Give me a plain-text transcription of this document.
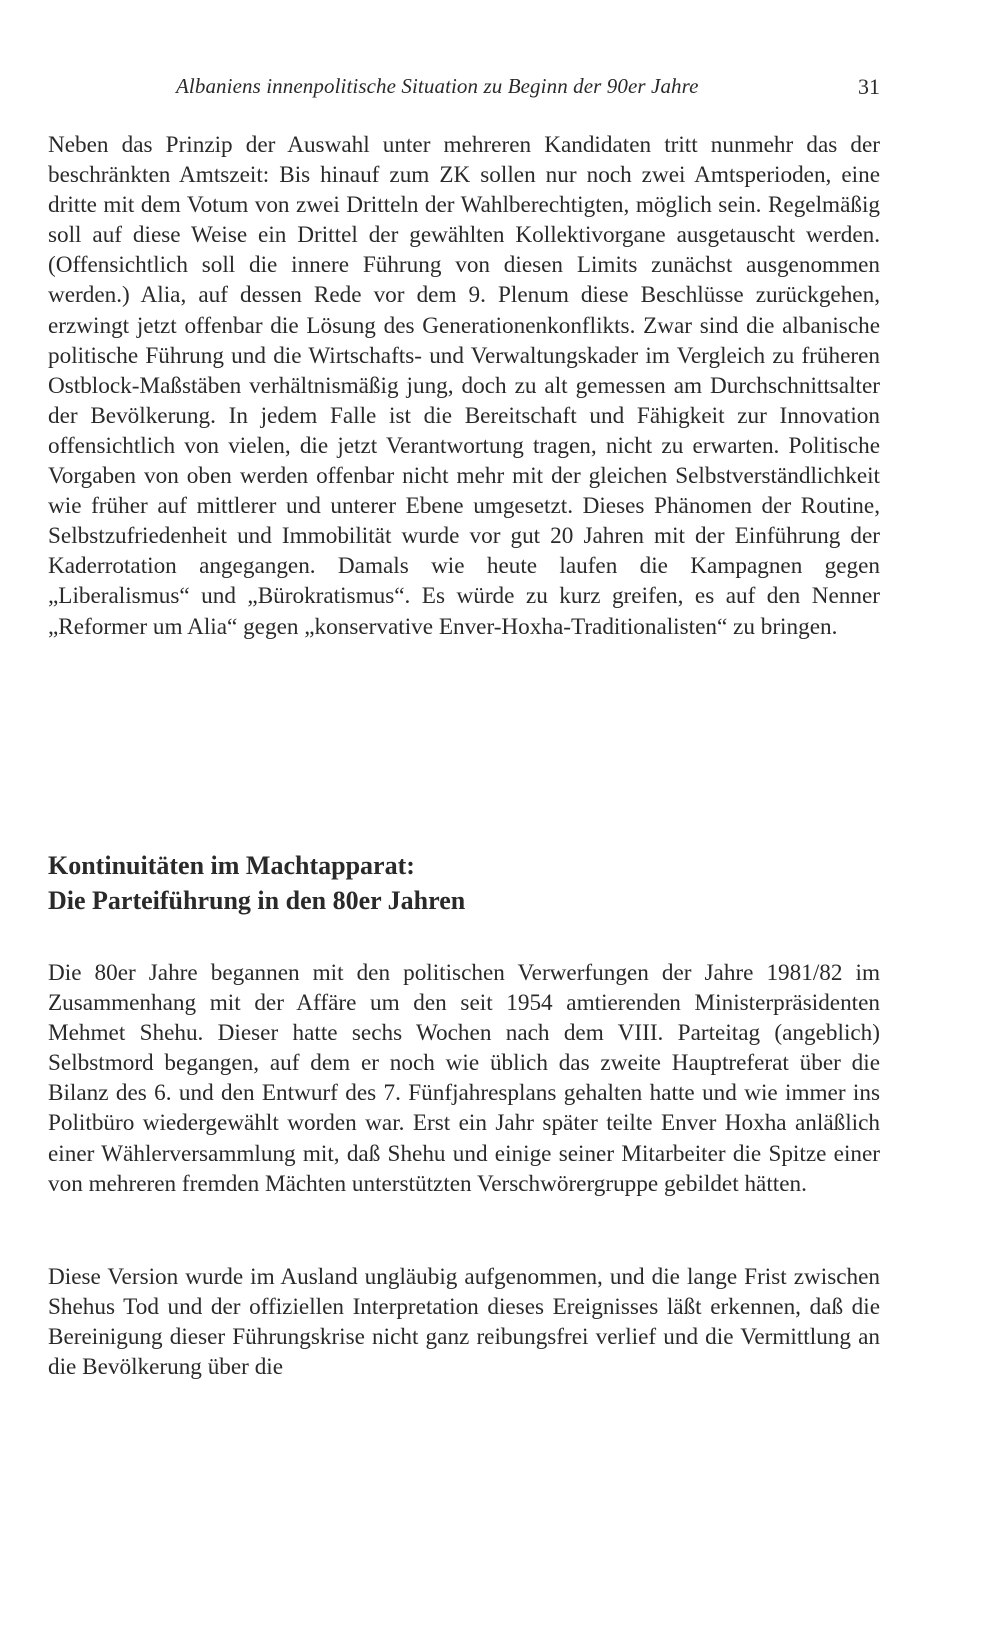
Albaniens innenpolitische Situation zu Beginn der 90er Jahre	31

Neben das Prinzip der Auswahl unter mehreren Kandidaten tritt nunmehr das der beschränkten Amtszeit: Bis hinauf zum ZK sollen nur noch zwei Amtsperioden, eine dritte mit dem Votum von zwei Dritteln der Wahlberechtigten, möglich sein. Regelmäßig soll auf diese Weise ein Drittel der gewählten Kollektivorgane ausgetauscht werden. (Offensichtlich soll die innere Führung von diesen Limits zunächst ausgenommen werden.) Alia, auf dessen Rede vor dem 9. Plenum diese Beschlüsse zurückgehen, erzwingt jetzt offenbar die Lösung des Generationenkonflikts. Zwar sind die albanische politische Führung und die Wirtschafts- und Verwaltungskader im Vergleich zu früheren Ostblock-Maßstäben verhältnismäßig jung, doch zu alt gemessen am Durchschnittsalter der Bevölkerung. In jedem Falle ist die Bereitschaft und Fähigkeit zur Innovation offensichtlich von vielen, die jetzt Verantwortung tragen, nicht zu erwarten. Politische Vorgaben von oben werden offenbar nicht mehr mit der gleichen Selbstverständlichkeit wie früher auf mittlerer und unterer Ebene umgesetzt. Dieses Phänomen der Routine, Selbstzufriedenheit und Immobilität wurde vor gut 20 Jahren mit der Einführung der Kaderrotation angegangen. Damals wie heute laufen die Kampagnen gegen „Liberalismus“ und „Bürokratismus“. Es würde zu kurz greifen, es auf den Nenner „Reformer um Alia“ gegen „konservative Enver-Hoxha-Traditionalisten“ zu bringen.

Kontinuitäten im Machtapparat:
Die Parteiführung in den 80er Jahren

Die 80er Jahre begannen mit den politischen Verwerfungen der Jahre 1981/82 im Zusammenhang mit der Affäre um den seit 1954 amtierenden Ministerpräsidenten Mehmet Shehu. Dieser hatte sechs Wochen nach dem VIII. Parteitag (angeblich) Selbstmord begangen, auf dem er noch wie üblich das zweite Hauptreferat über die Bilanz des 6. und den Entwurf des 7. Fünfjahresplans gehalten hatte und wie immer ins Politbüro wiedergewählt worden war. Erst ein Jahr später teilte Enver Hoxha anläßlich einer Wählerversammlung mit, daß Shehu und einige seiner Mitarbeiter die Spitze einer von mehreren fremden Mächten unterstützten Verschwörergruppe gebildet hätten.

Diese Version wurde im Ausland ungläubig aufgenommen, und die lange Frist zwischen Shehus Tod und der offiziellen Interpretation dieses Ereignisses läßt erkennen, daß die Bereinigung dieser Führungskrise nicht ganz reibungsfrei verlief und die Vermittlung an die Bevölkerung über die
